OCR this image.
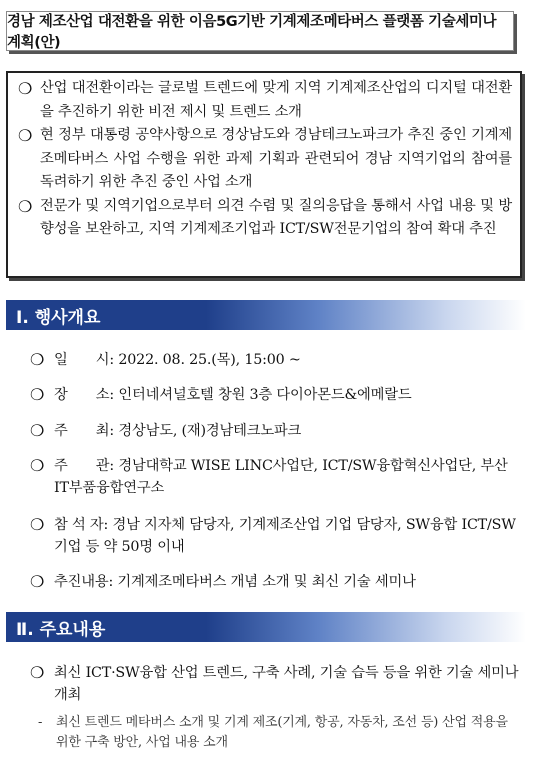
경남 제조산업 대전환을 위한 이음5G기반 기계제조메타버스 플랫폼 기술세미나 계획(안)
❍ 산업 대전환이라는 글로벌 트렌드에 맞게 지역 기계제조산업의 디지털 대전환을 추진하기 위한 비전 제시 및 트렌드 소개
❍ 현 정부 대통령 공약사항으로 경상남도와 경남테크노파크가 추진 중인 기계제조메타버스 사업 수행을 위한 과제 기획과 관련되어 경남 지역기업의 참여를 독려하기 위한 추진 중인 사업 소개
❍ 전문가 및 지역기업으로부터 의견 수렴 및 질의응답을 통해서 사업 내용 및 방향성을 보완하고, 지역 기계제조기업과 ICT/SW전문기업의 참여 확대 추진
Ⅰ. 행사개요
❍ 일　　시: 2022. 08. 25.(목), 15:00 ~
❍ 장　　소: 인터네셔널호텔 창원 3층 다이아몬드&에메랄드
❍ 주　　최: 경상남도, (재)경남테크노파크
❍ 주　　관: 경남대학교 WISE LINC사업단, ICT/SW융합혁신사업단, 부산IT부품융합연구소
❍ 참 석 자: 경남 지자체 담당자, 기계제조산업 기업 담당자, SW융합 ICT/SW 기업 등 약 50명 이내
❍ 추진내용: 기계제조메타버스 개념 소개 및 최신 기술 세미나
Ⅱ. 주요내용
❍ 최신 ICT·SW융합 산업 트렌드, 구축 사례, 기술 습득 등을 위한 기술 세미나 개최
-	최신 트렌드 메타버스 소개 및 기계 제조(기계, 항공, 자동차, 조선 등) 산업 적용을 위한 구축 방안, 사업 내용 소개
